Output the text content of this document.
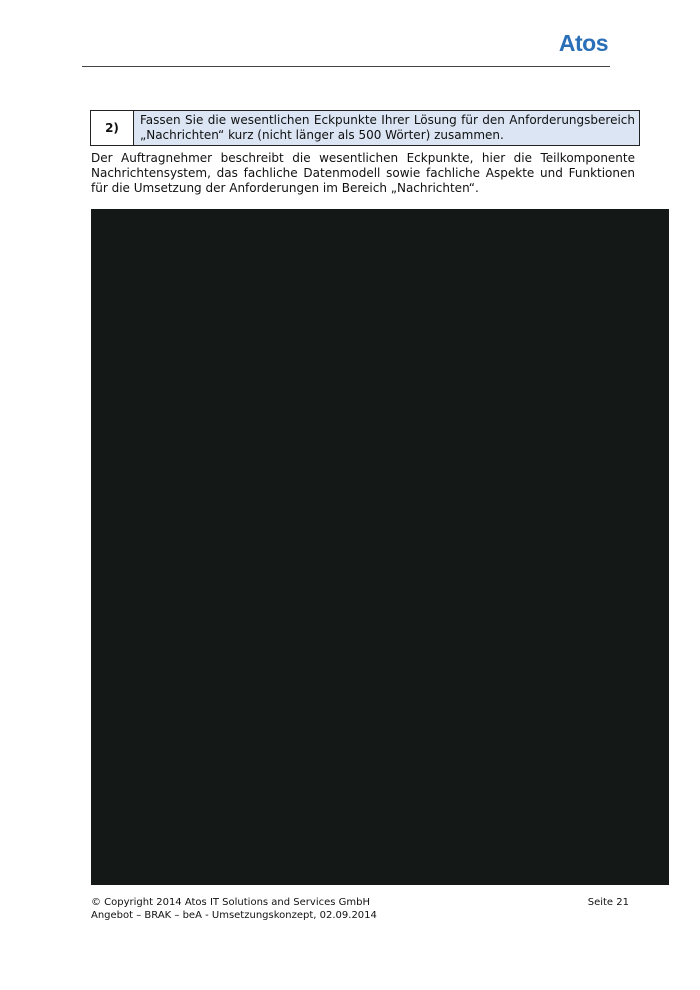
Atos
2)
Fassen Sie die wesentlichen Eckpunkte Ihrer Lösung für den Anforderungsbereich
„Nachrichten“ kurz (nicht länger als 500 Wörter) zusammen.
Der Auftragnehmer beschreibt die wesentlichen Eckpunkte, hier die Teilkomponente
Nachrichtensystem, das fachliche Datenmodell sowie fachliche Aspekte und Funktionen
für die Umsetzung der Anforderungen im Bereich „Nachrichten“.
© Copyright 2014 Atos IT Solutions and Services GmbH	Seite 21
Angebot – BRAK – beA - Umsetzungskonzept, 02.09.2014
